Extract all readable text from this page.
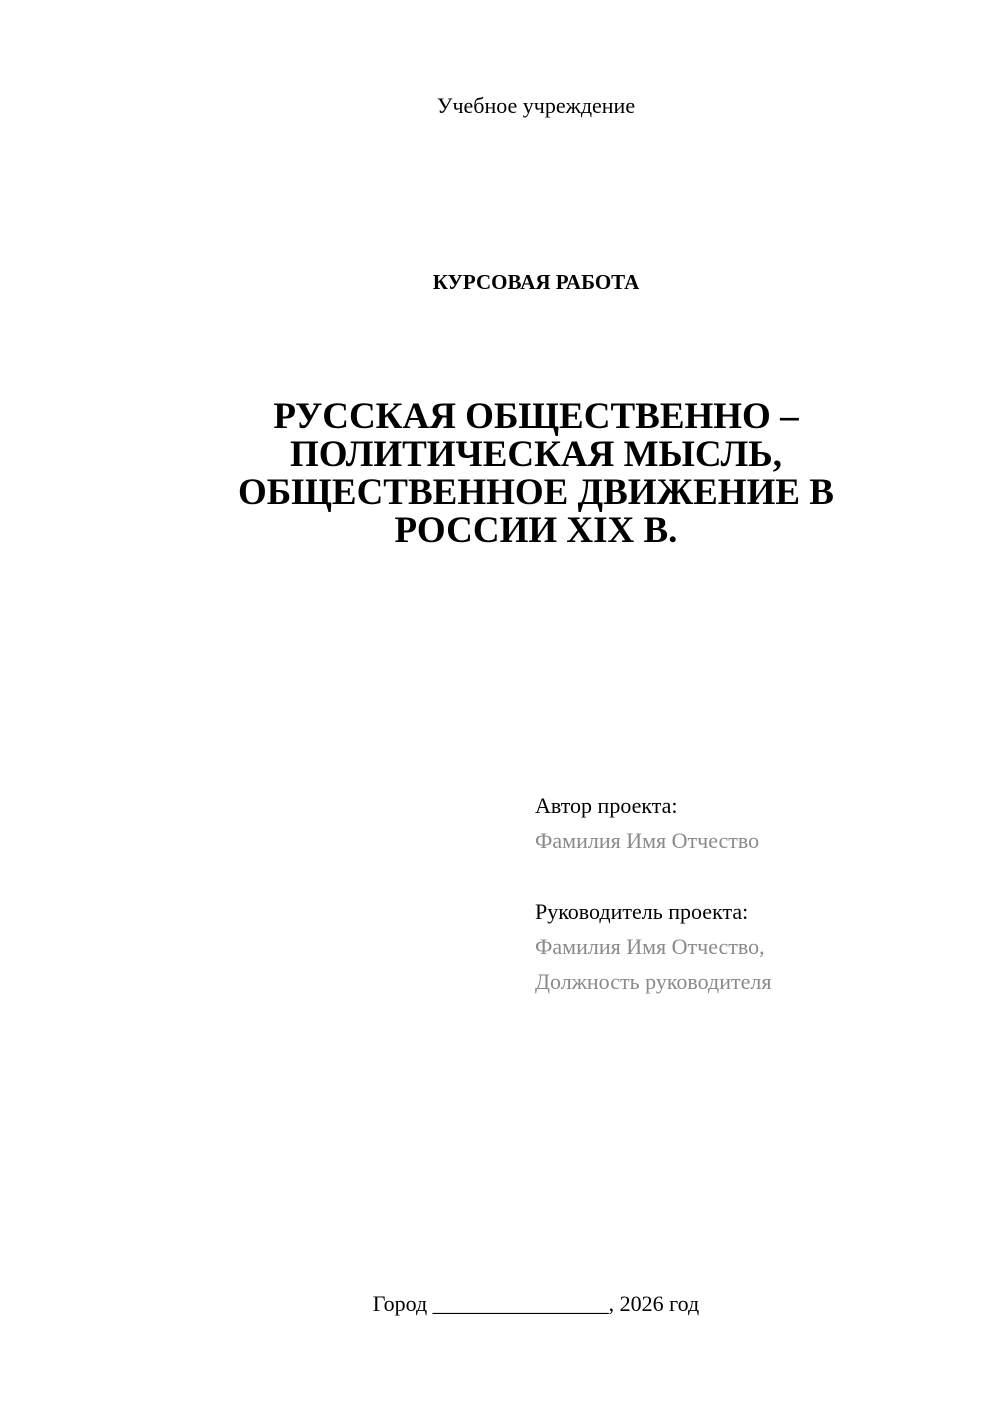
Учебное учреждение
КУРСОВАЯ РАБОТА
РУССКАЯ ОБЩЕСТВЕННО –
ПОЛИТИЧЕСКАЯ МЫСЛЬ,
ОБЩЕСТВЕННОЕ ДВИЖЕНИЕ В
РОССИИ XIX В.
Автор проекта:
Фамилия Имя Отчество
Руководитель проекта:
Фамилия Имя Отчество,
Должность руководителя
Город ________________, 2026 год
